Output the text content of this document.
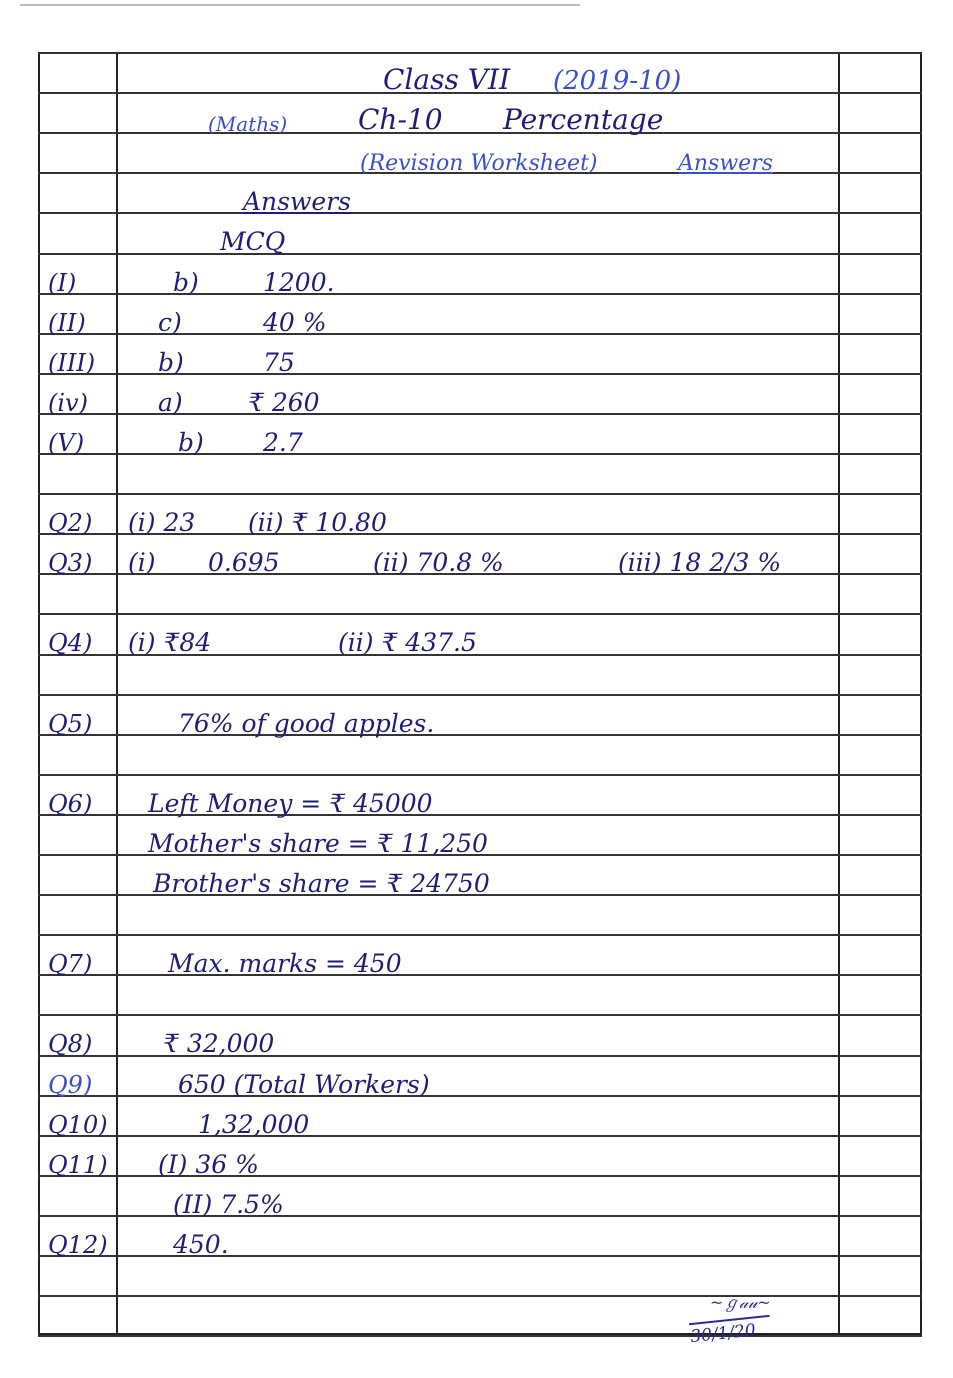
Class VII (2019-10)
(Maths)	Ch-10 Percentage
(Revision Worksheet)	Answers
Answers
MCQ
(I)	b)	1200.
(II)	c)	40 %
(III)	b)	75
(iv)	a)	₹ 260
(V)	b) 2.7
Q2) (i) 23 (ii) ₹ 10.80
Q3) (i) 0.695	(ii) 70.8 %	(iii) 18 2/3 %
Q4) (i) ₹84	(ii) ₹ 437.5
Q5)	76% of good apples.
Q6) Left Money = ₹ 45000
Mother's share = ₹ 11,250
Brother's share = ₹ 24750
Q7)	Max. marks = 450
Q8)	₹ 32,000
Q9)	650 (Total Workers)
Q10)	1,32,000
Q11) (I) 36 %
(II) 7.5%
Q12)	450.
~ℊ𝒶𝓊~
30/1/20
